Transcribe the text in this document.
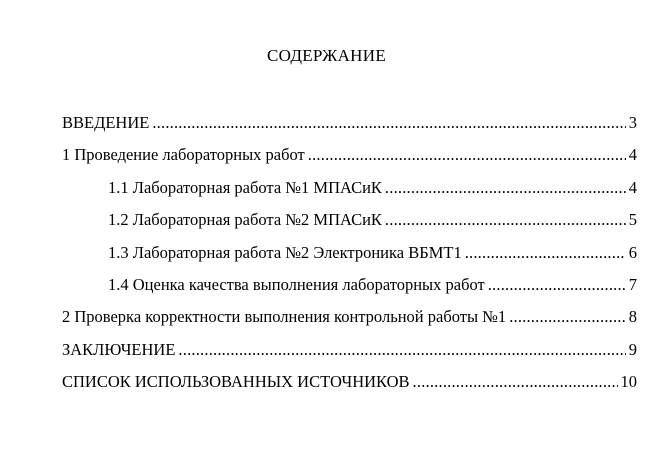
СОДЕРЖАНИЕ
ВВЕДЕНИЕ .....	3
1 Проведение лабораторных работ .....	4
1.1 Лабораторная работа №1 МПАСиК .....	4
1.2 Лабораторная работа №2 МПАСиК .....	5
1.3 Лабораторная работа №2 Электроника ВБМТ1 .....	6
1.4 Оценка качества выполнения лабораторных работ .....	7
2 Проверка корректности выполнения контрольной работы №1 .....	8
ЗАКЛЮЧЕНИЕ .....	9
СПИСОК ИСПОЛЬЗОВАННЫХ ИСТОЧНИКОВ .....	10
